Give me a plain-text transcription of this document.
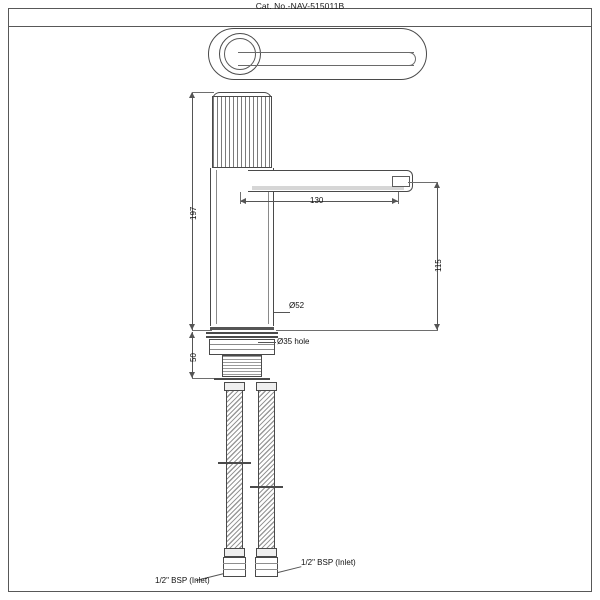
Cat. No.-NAV-515011B
197
50
130
115
Ø52
Ø35 hole
1/2" BSP (Inlet)
1/2" BSP (Inlet)
